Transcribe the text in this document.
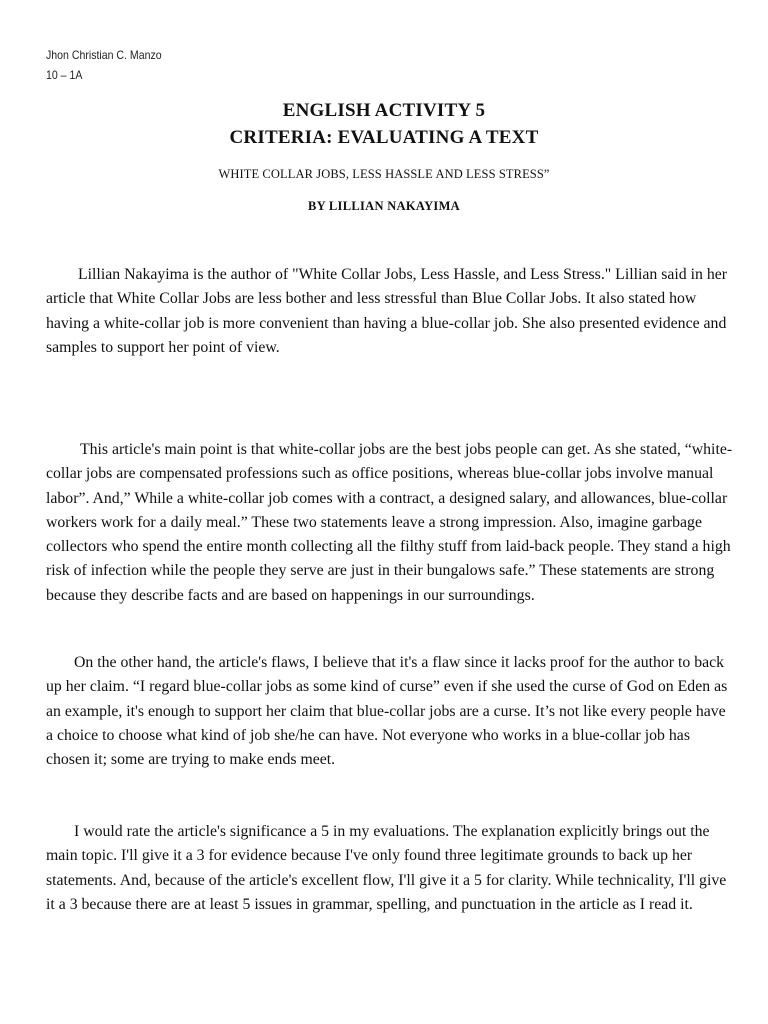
Jhon Christian C. Manzo
10 – 1A
ENGLISH ACTIVITY 5
CRITERIA: EVALUATING A TEXT
WHITE COLLAR JOBS, LESS HASSLE AND LESS STRESS”
BY LILLIAN NAKAYIMA

Lillian Nakayima is the author of "White Collar Jobs, Less Hassle, and Less Stress." Lillian said in her article that White Collar Jobs are less bother and less stressful than Blue Collar Jobs. It also stated how having a white-collar job is more convenient than having a blue-collar job. She also presented evidence and samples to support her point of view.

This article's main point is that white-collar jobs are the best jobs people can get. As she stated, “white-collar jobs are compensated professions such as office positions, whereas blue-collar jobs involve manual labor”. And,” While a white-collar job comes with a contract, a designed salary, and allowances, blue-collar workers work for a daily meal.” These two statements leave a strong impression. Also, imagine garbage collectors who spend the entire month collecting all the filthy stuff from laid-back people. They stand a high risk of infection while the people they serve are just in their bungalows safe.” These statements are strong because they describe facts and are based on happenings in our surroundings.

On the other hand, the article's flaws, I believe that it's a flaw since it lacks proof for the author to back up her claim. “I regard blue-collar jobs as some kind of curse” even if she used the curse of God on Eden as an example, it's enough to support her claim that blue-collar jobs are a curse. It’s not like every people have a choice to choose what kind of job she/he can have. Not everyone who works in a blue-collar job has chosen it; some are trying to make ends meet.

I would rate the article's significance a 5 in my evaluations. The explanation explicitly brings out the main topic. I'll give it a 3 for evidence because I've only found three legitimate grounds to back up her statements. And, because of the article's excellent flow, I'll give it a 5 for clarity. While technicality, I'll give it a 3 because there are at least 5 issues in grammar, spelling, and punctuation in the article as I read it.
